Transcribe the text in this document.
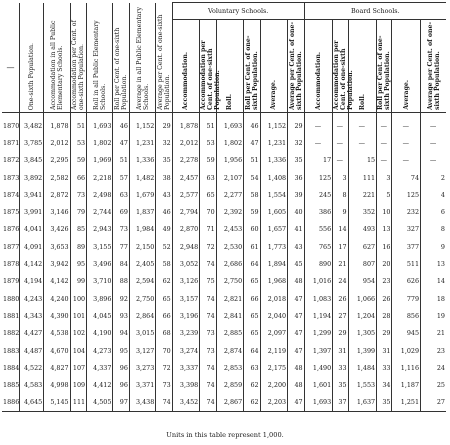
—	One-sixth Population.	Accommodation in all Public Elementary Schools.	Accommodation per Cent. of one-sixth Population.	Roll in all Public Elementary Schools.	Roll per Cent. of one-sixth Population.	Average in all Public Elementary Schools.	Average per Cent. of one-sixth Population.	Voluntary Schools.						Board Schools.					

								Accommodation.	Accommodation per Cent. of one-sixth Population.	Roll.	Roll per Cent. of one-sixth Population.	Average.	Average per Cent. of one-sixth Population.	Accommodation.	Accommodation per Cent. of one-sixth Population.	Roll.	Roll per Cent. of one-sixth Population.	Average.	Average per Cent. of one-sixth Population.

1870	3,482	1,878	51	1,693	46	1,152	29	1,878	51	1,693	46	1,152	29	—	—	—	—	—	—
1871	3,785	2,012	53	1,802	47	1,231	32	2,012	53	1,802	47	1,231	32	—	—	—	—	—	—
1872	3,845	2,295	59	1,969	51	1,336	35	2,278	59	1,956	51	1,336	35	17	—	15	—	—	—
1873	3,892	2,582	66	2,218	57	1,482	38	2,457	63	2,107	54	1,408	36	125	3	111	3	74	2
1874	3,941	2,872	73	2,498	63	1,679	43	2,577	65	2,277	58	1,554	39	245	8	221	5	125	4
1875	3,991	3,146	79	2,744	69	1,837	46	2,794	70	2,392	59	1,605	40	386	9	352	10	232	6
1876	4,041	3,426	85	2,943	73	1,984	49	2,870	71	2,453	60	1,657	41	556	14	493	13	327	8
1877	4,091	3,653	89	3,155	77	2,150	52	2,948	72	2,530	61	1,773	43	765	17	627	16	377	9
1878	4,142	3,942	95	3,496	84	2,405	58	3,052	74	2,686	64	1,894	45	890	21	807	20	511	13
1879	4,194	4,142	99	3,710	88	2,594	62	3,126	75	2,750	65	1,968	48	1,016	24	954	23	626	14
1880	4,243	4,240	100	3,896	92	2,750	65	3,157	74	2,821	66	2,018	47	1,083	26	1,066	26	779	18
1881	4,343	4,390	101	4,045	93	2,864	66	3,196	74	2,841	65	2,040	47	1,194	27	1,204	28	856	19
1882	4,427	4,538	102	4,190	94	3,015	68	3,239	73	2,885	65	2,097	47	1,299	29	1,305	29	945	21
1883	4,487	4,670	104	4,273	95	3,127	70	3,274	73	2,874	64	2,119	47	1,397	31	1,399	31	1,029	23
1884	4,522	4,827	107	4,337	96	3,273	72	3,337	74	2,853	63	2,175	48	1,490	33	1,484	33	1,116	24
1885	4,583	4,998	109	4,412	96	3,371	73	3,398	74	2,859	62	2,200	48	1,601	35	1,553	34	1,187	25
1886	4,645	5,145	111	4,505	97	3,438	74	3,452	74	2,867	62	2,203	47	1,693	37	1,637	35	1,251	27
Units in this table represent 1,000.
